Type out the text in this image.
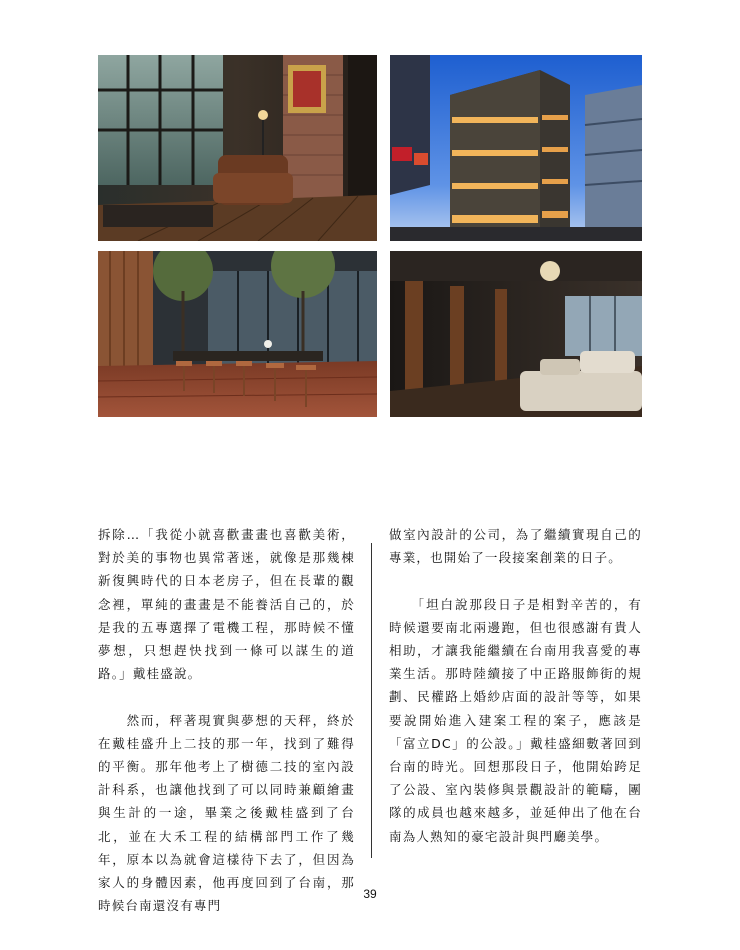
拆除…「我從小就喜歡畫畫也喜歡美術，對於美的事物也異常著迷，就像是那幾棟新復興時代的日本老房子，但在長輩的觀念裡，單純的畫畫是不能養活自己的，於是我的五專選擇了電機工程，那時候不懂夢想，只想趕快找到一條可以謀生的道路。」戴桂盛說。

　　然而，秤著現實與夢想的天秤，終於在戴桂盛升上二技的那一年，找到了難得的平衡。那年他考上了樹德二技的室內設計科系，也讓他找到了可以同時兼顧繪畫與生計的一途，畢業之後戴桂盛到了台北，並在大禾工程的結構部門工作了幾年，原本以為就會這樣待下去了，但因為家人的身體因素，他再度回到了台南，那時候台南還沒有專門

做室內設計的公司，為了繼續實現自己的專業，也開始了一段接案創業的日子。

　　「坦白說那段日子是相對辛苦的，有時候還要南北兩邊跑，但也很感謝有貴人相助，才讓我能繼續在台南用我喜愛的專業生活。那時陸續接了中正路服飾街的規劃、民權路上婚紗店面的設計等等，如果要說開始進入建案工程的案子，應該是「富立DC」的公設。」戴桂盛細數著回到台南的時光。回想那段日子，他開始跨足了公設、室內裝修與景觀設計的範疇，團隊的成員也越來越多，並延伸出了他在台南為人熟知的豪宅設計與門廳美學。

39
